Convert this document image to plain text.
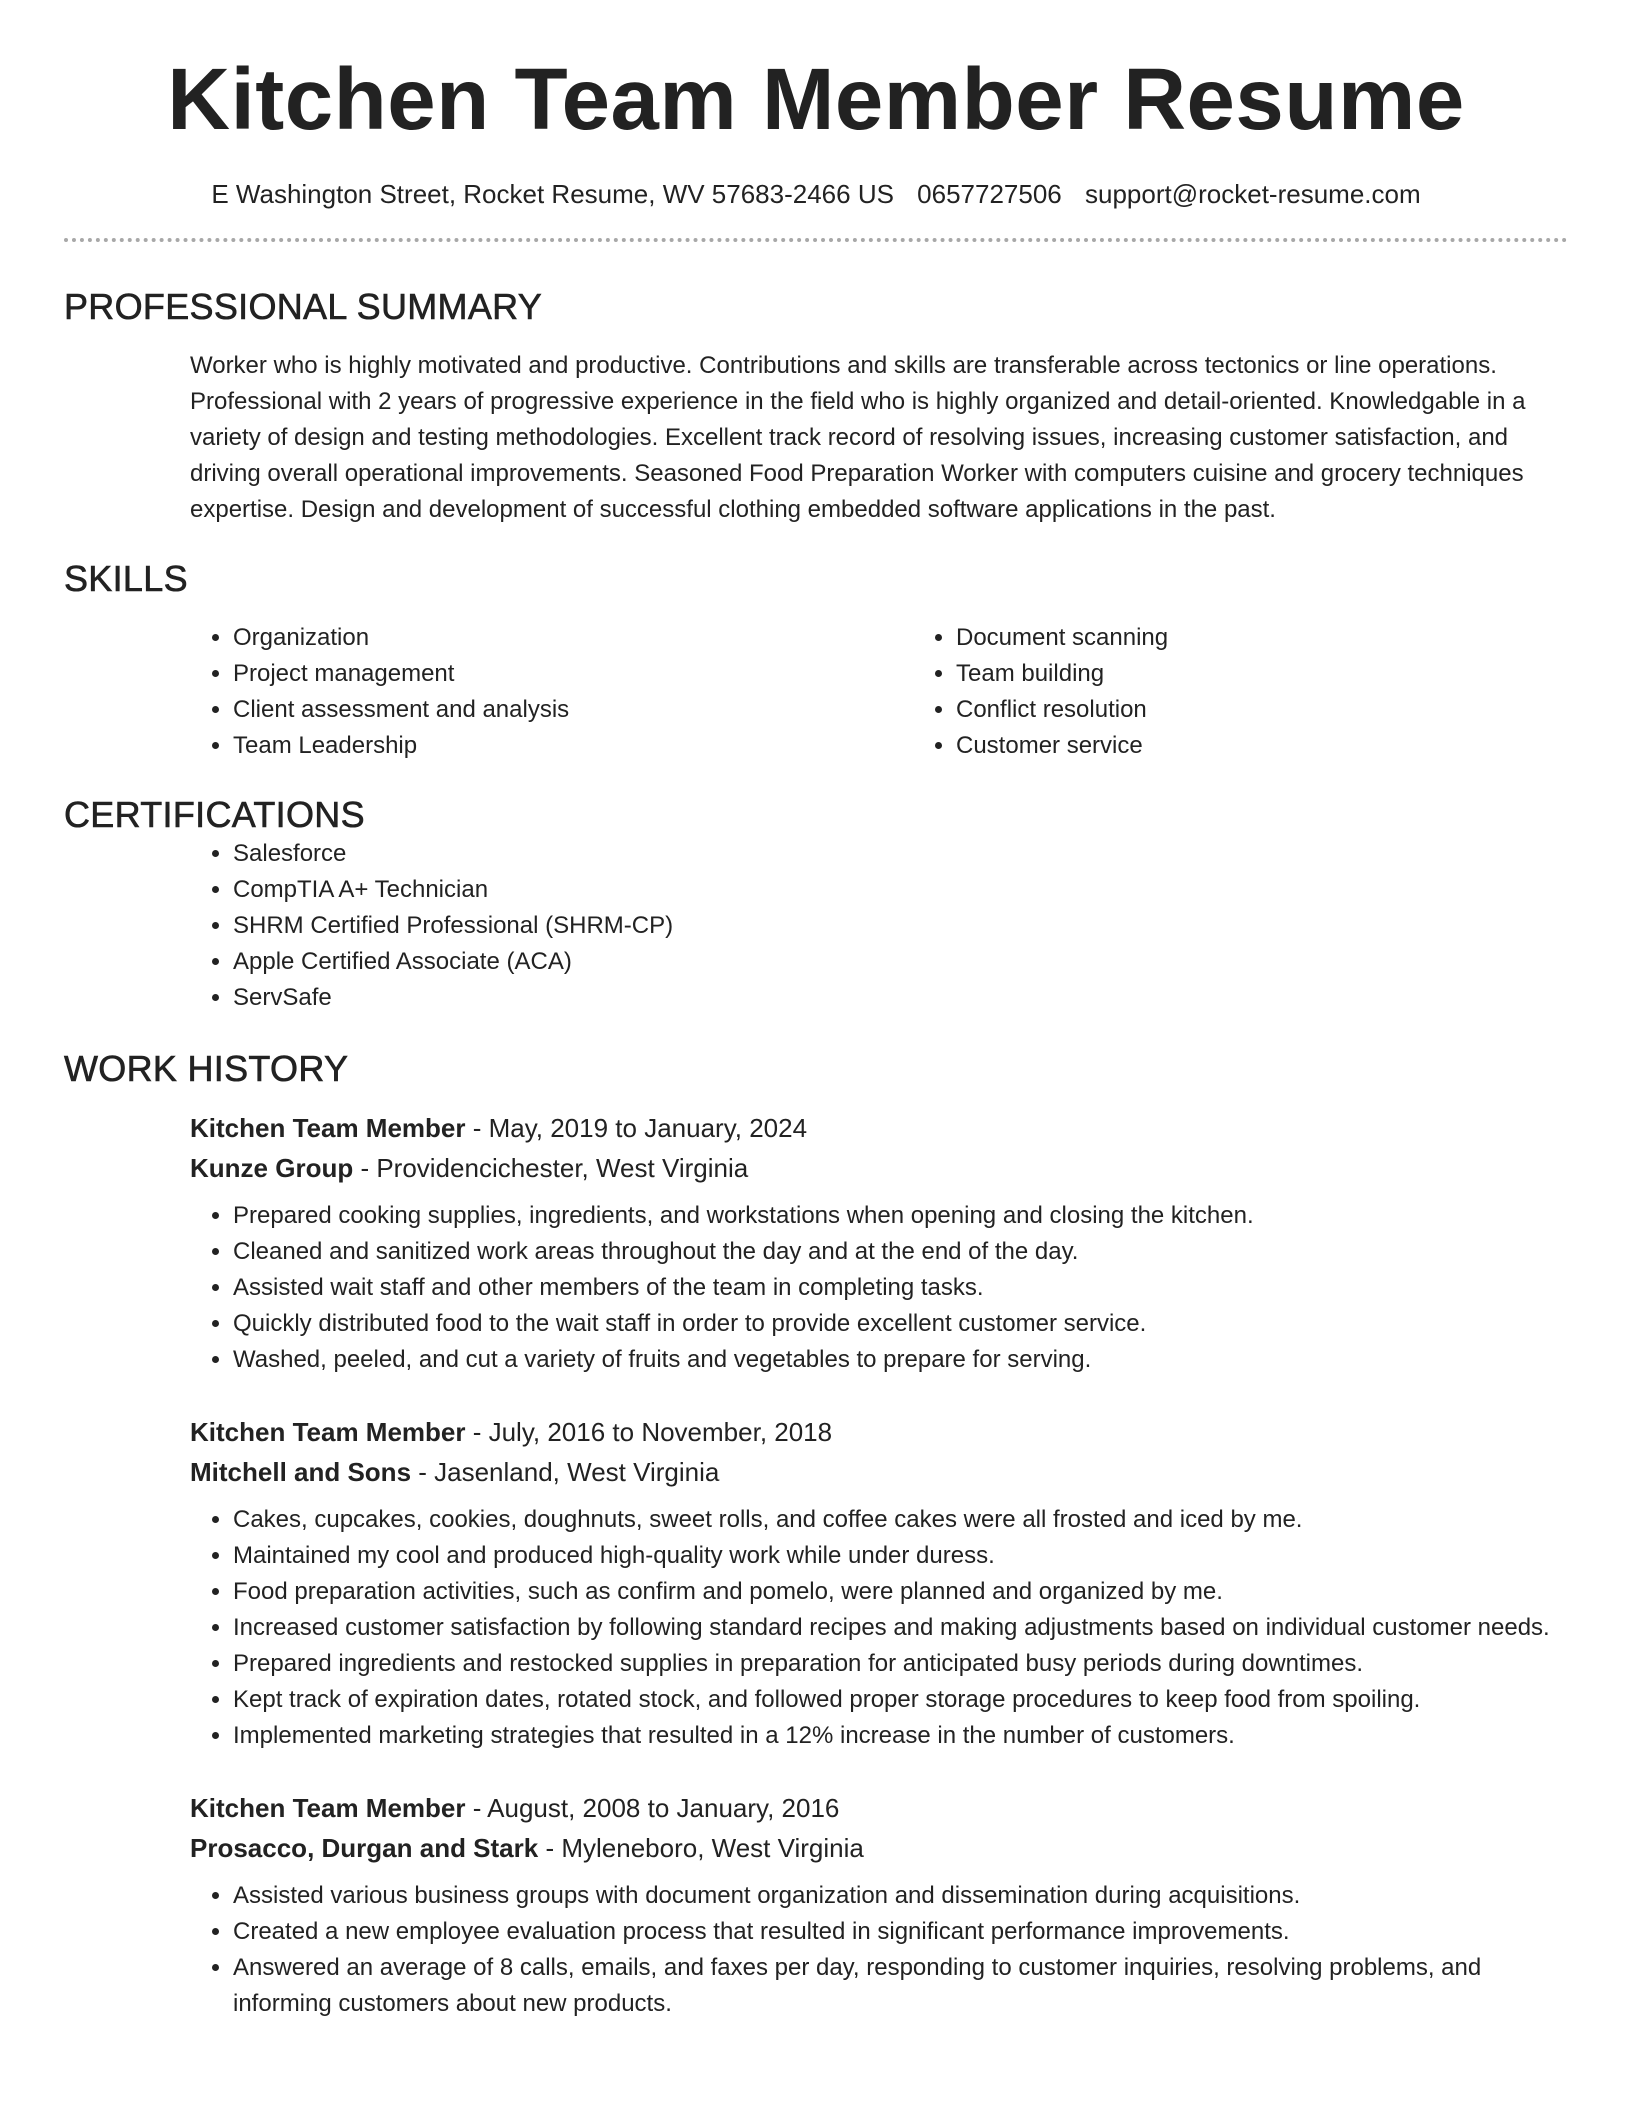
Kitchen Team Member Resume
E Washington Street, Rocket Resume, WV 57683-2466 US 0657727506 support@rocket-resume.com
PROFESSIONAL SUMMARY

Worker who is highly motivated and productive. Contributions and skills are transferable across tectonics or line operations. Professional with 2 years of progressive experience in the field who is highly organized and detail-oriented. Knowledgable in a variety of design and testing methodologies. Excellent track record of resolving issues, increasing customer satisfaction, and driving overall operational improvements. Seasoned Food Preparation Worker with computers cuisine and grocery techniques expertise. Design and development of successful clothing embedded software applications in the past.

SKILLS
• Organization
• Project management
• Client assessment and analysis
• Team Leadership
• Document scanning
• Team building
• Conflict resolution
• Customer service
CERTIFICATIONS
• Salesforce
• CompTIA A+ Technician
• SHRM Certified Professional (SHRM-CP)
• Apple Certified Associate (ACA)
• ServSafe
WORK HISTORY
Kitchen Team Member - May, 2019 to January, 2024
Kunze Group - Providencichester, West Virginia
• Prepared cooking supplies, ingredients, and workstations when opening and closing the kitchen.
• Cleaned and sanitized work areas throughout the day and at the end of the day.
• Assisted wait staff and other members of the team in completing tasks.
• Quickly distributed food to the wait staff in order to provide excellent customer service.
• Washed, peeled, and cut a variety of fruits and vegetables to prepare for serving.
Kitchen Team Member - July, 2016 to November, 2018
Mitchell and Sons - Jasenland, West Virginia
• Cakes, cupcakes, cookies, doughnuts, sweet rolls, and coffee cakes were all frosted and iced by me.
• Maintained my cool and produced high-quality work while under duress.
• Food preparation activities, such as confirm and pomelo, were planned and organized by me.
• Increased customer satisfaction by following standard recipes and making adjustments based on individual customer needs.
• Prepared ingredients and restocked supplies in preparation for anticipated busy periods during downtimes.
• Kept track of expiration dates, rotated stock, and followed proper storage procedures to keep food from spoiling.
• Implemented marketing strategies that resulted in a 12% increase in the number of customers.
Kitchen Team Member - August, 2008 to January, 2016
Prosacco, Durgan and Stark - Myleneboro, West Virginia
• Assisted various business groups with document organization and dissemination during acquisitions.
• Created a new employee evaluation process that resulted in significant performance improvements.
• Answered an average of 8 calls, emails, and faxes per day, responding to customer inquiries, resolving problems, and informing customers about new products.
